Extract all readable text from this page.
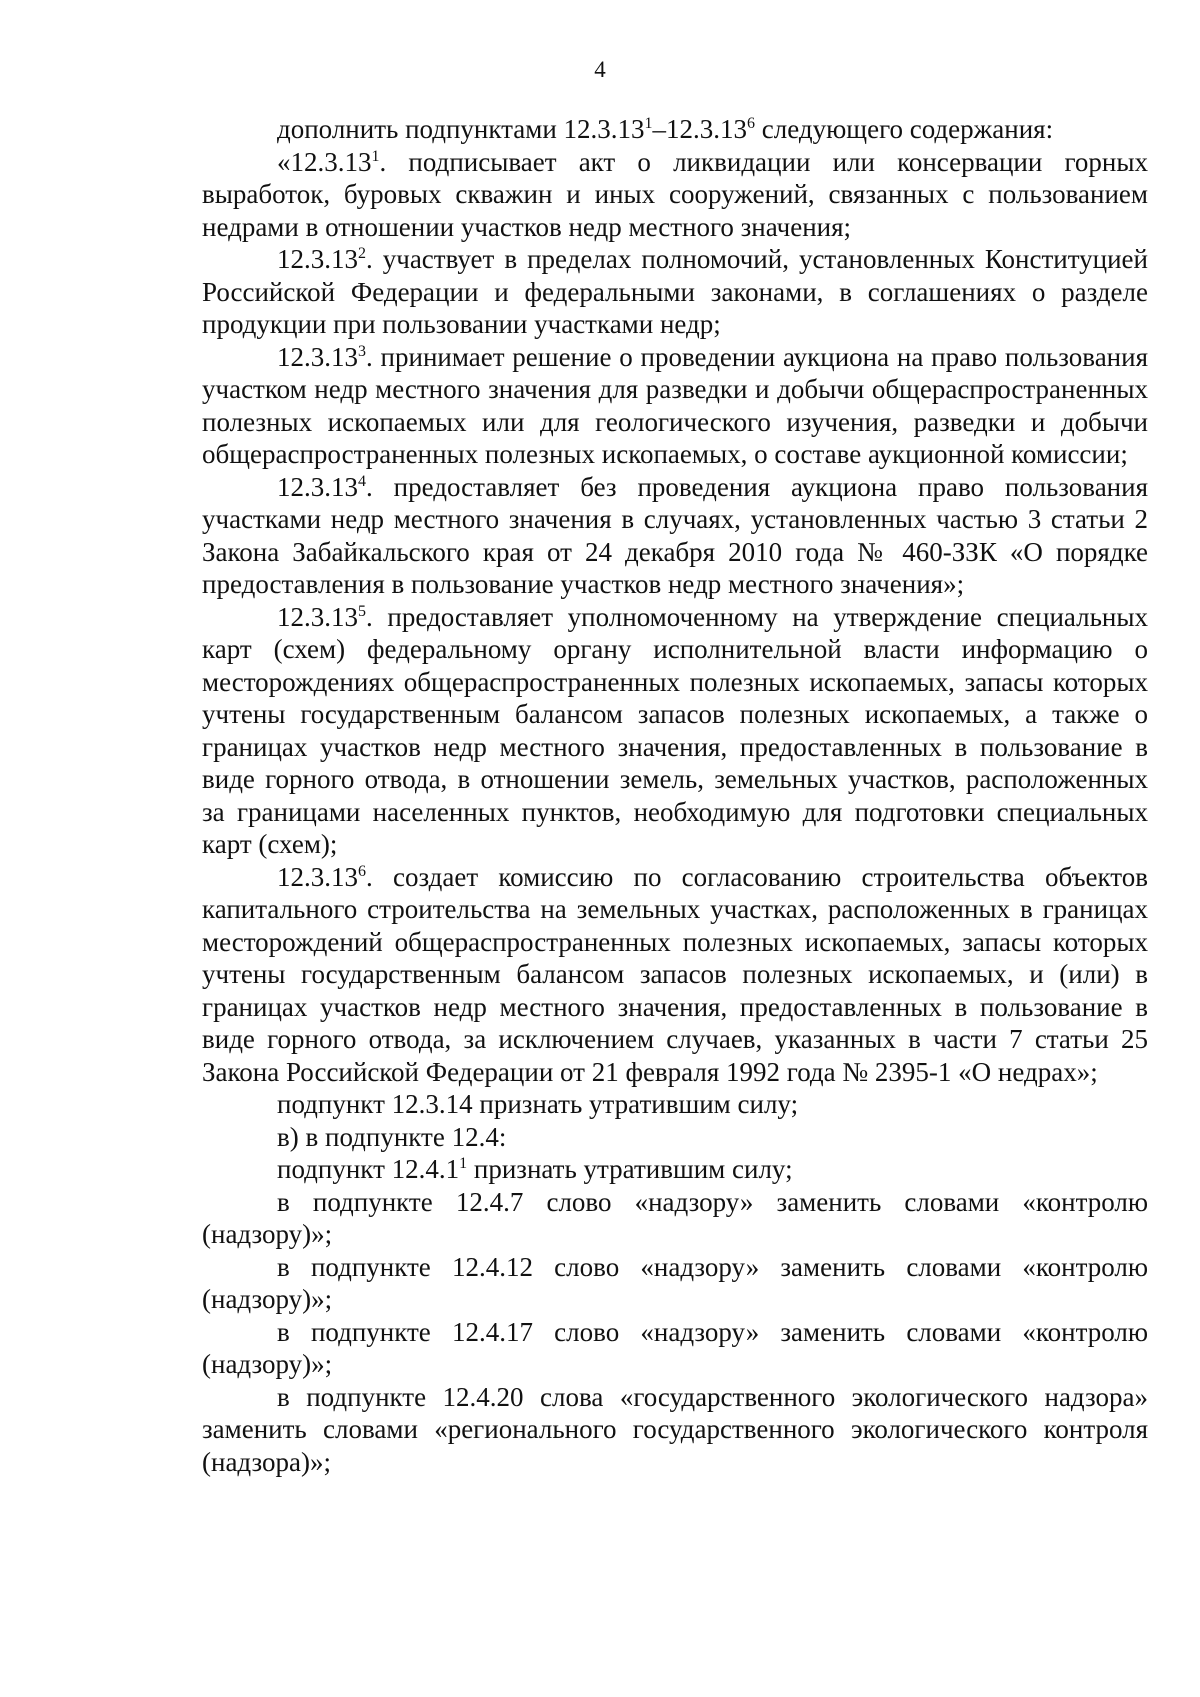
4

дополнить подпунктами 12.3.13$^1$–12.3.13$^6$ следующего содержания:

«12.3.13$^1$. подписывает акт о ликвидации или консервации горных выработок, буровых скважин и иных сооружений, связанных с пользованием недрами в отношении участков недр местного значения;

12.3.13$^2$. участвует в пределах полномочий, установленных Конституцией Российской Федерации и федеральными законами, в соглашениях о разделе продукции при пользовании участками недр;

12.3.13$^3$. принимает решение о проведении аукциона на право пользования участком недр местного значения для разведки и добычи общераспространенных полезных ископаемых или для геологического изучения, разведки и добычи общераспространенных полезных ископаемых, о составе аукционной комиссии;

12.3.13$^4$. предоставляет без проведения аукциона право пользования участками недр местного значения в случаях, установленных частью 3 статьи 2 Закона Забайкальского края от 24 декабря 2010 года № 460-ЗЗК «О порядке предоставления в пользование участков недр местного значения»;

12.3.13$^5$. предоставляет уполномоченному на утверждение специальных карт (схем) федеральному органу исполнительной власти информацию о месторождениях общераспространенных полезных ископаемых, запасы которых учтены государственным балансом запасов полезных ископаемых, а также о границах участков недр местного значения, предоставленных в пользование в виде горного отвода, в отношении земель, земельных участков, расположенных за границами населенных пунктов, необходимую для подготовки специальных карт (схем);

12.3.13$^6$. создает комиссию по согласованию строительства объектов капитального строительства на земельных участках, расположенных в границах месторождений общераспространенных полезных ископаемых, запасы которых учтены государственным балансом запасов полезных ископаемых, и (или) в границах участков недр местного значения, предоставленных в пользование в виде горного отвода, за исключением случаев, указанных в части 7 статьи 25 Закона Российской Федерации от 21 февраля 1992 года № 2395-1 «О недрах»;

подпункт 12.3.14 признать утратившим силу;

в) в подпункте 12.4:

подпункт 12.4.1$^1$ признать утратившим силу;

в подпункте 12.4.7 слово «надзору» заменить словами «контролю (надзору)»;

в подпункте 12.4.12 слово «надзору» заменить словами «контролю (надзору)»;

в подпункте 12.4.17 слово «надзору» заменить словами «контролю (надзору)»;

в подпункте 12.4.20 слова «государственного экологического надзора» заменить словами «регионального государственного экологического контроля (надзора)»;
